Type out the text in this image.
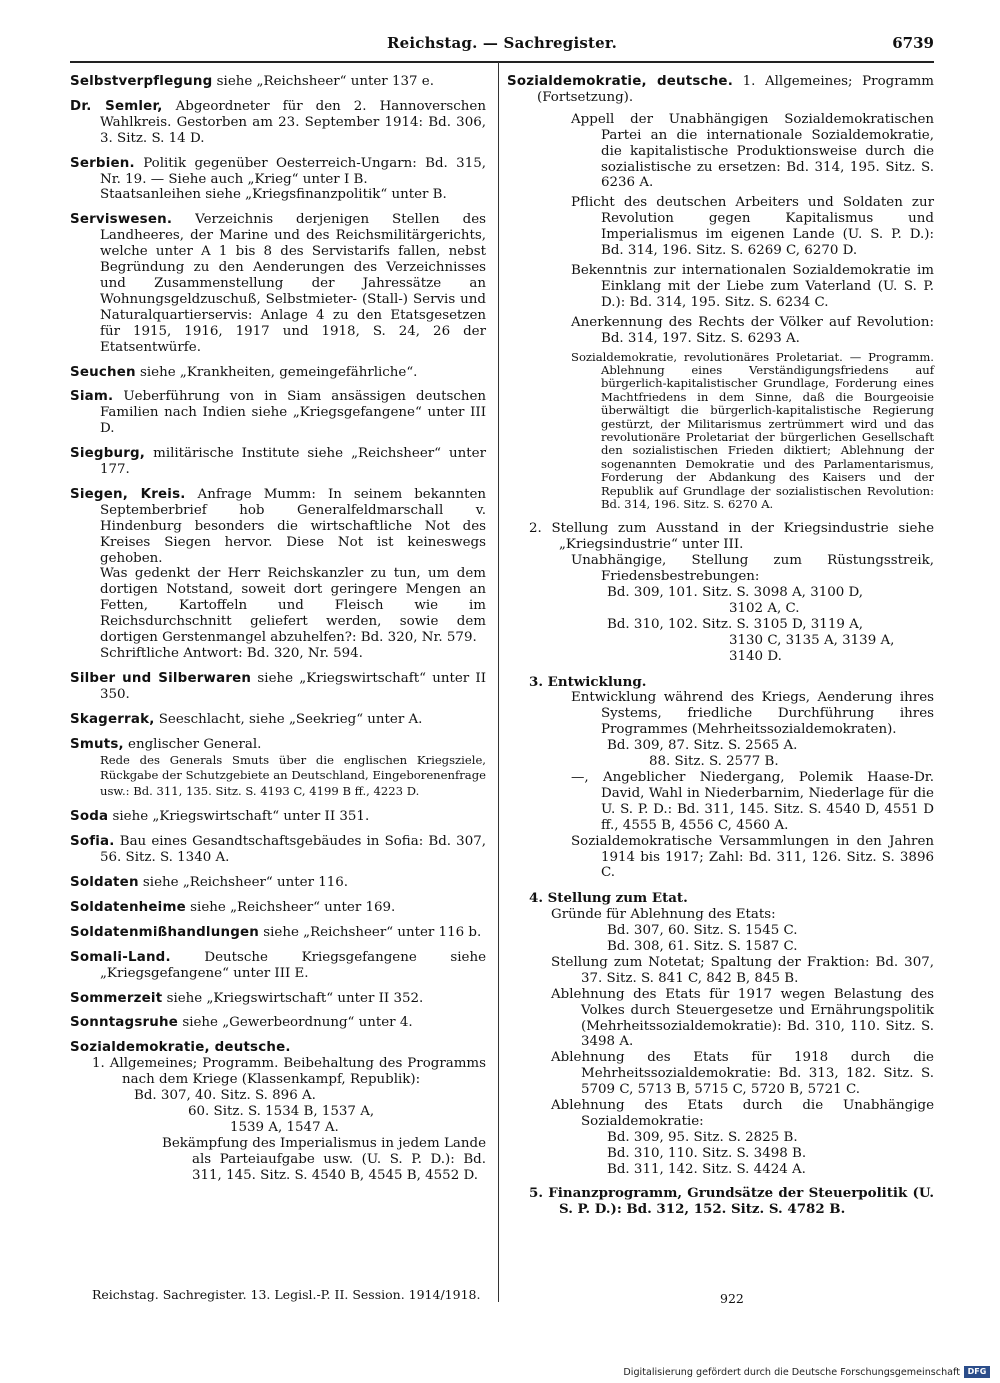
Reichstag. — Sachregister.	6739
Selbstverpflegung siehe „Reichsheer“ unter 137 e.
Dr. Semler, Abgeordneter für den 2. Hannoverschen Wahlkreis. Gestorben am 23. September 1914: Bd. 306, 3. Sitz. S. 14 D.
Serbien. Politik gegenüber Oesterreich-Ungarn: Bd. 315, Nr. 19. — Siehe auch „Krieg“ unter I B.
Staatsanleihen siehe „Kriegsfinanzpolitik“ unter B.
Serviswesen. Verzeichnis derjenigen Stellen des Landheeres, der Marine und des Reichsmilitärgerichts, welche unter A 1 bis 8 des Servistarifs fallen, nebst Begründung zu den Aenderungen des Verzeichnisses und Zusammenstellung der Jahressätze an Wohnungsgeldzuschuß, Selbstmieter- (Stall-) Servis und Naturalquartierservis: Anlage 4 zu den Etatsgesetzen für 1915, 1916, 1917 und 1918, S. 24, 26 der Etatsentwürfe.
Seuchen siehe „Krankheiten, gemeingefährliche“.
Siam. Ueberführung von in Siam ansässigen deutschen Familien nach Indien siehe „Kriegsgefangene“ unter III D.
Siegburg, militärische Institute siehe „Reichsheer“ unter 177.
Siegen, Kreis. Anfrage Mumm: In seinem bekannten Septemberbrief hob Generalfeldmarschall v. Hindenburg besonders die wirtschaftliche Not des Kreises Siegen hervor. Diese Not ist keineswegs gehoben.
Was gedenkt der Herr Reichskanzler zu tun, um dem dortigen Notstand, soweit dort geringere Mengen an Fetten, Kartoffeln und Fleisch wie im Reichsdurchschnitt geliefert werden, sowie dem dortigen Gerstenmangel abzuhelfen?: Bd. 320, Nr. 579.
Schriftliche Antwort: Bd. 320, Nr. 594.
Silber und Silberwaren siehe „Kriegswirtschaft“ unter II 350.
Skagerrak, Seeschlacht, siehe „Seekrieg“ unter A.
Smuts, englischer General.
Rede des Generals Smuts über die englischen Kriegsziele, Rückgabe der Schutzgebiete an Deutschland, Eingeborenenfrage usw.: Bd. 311, 135. Sitz. S. 4193 C, 4199 B ff., 4223 D.
Soda siehe „Kriegswirtschaft“ unter II 351.
Sofia. Bau eines Gesandtschaftsgebäudes in Sofia: Bd. 307, 56. Sitz. S. 1340 A.
Soldaten siehe „Reichsheer“ unter 116.
Soldatenheime siehe „Reichsheer“ unter 169.
Soldatenmißhandlungen siehe „Reichsheer“ unter 116 b.
Somali-Land. Deutsche Kriegsgefangene siehe „Kriegsgefangene“ unter III E.
Sommerzeit siehe „Kriegswirtschaft“ unter II 352.
Sonntagsruhe siehe „Gewerbeordnung“ unter 4.
Sozialdemokratie, deutsche.

1. Allgemeines; Programm. Beibehaltung des Programms nach dem Kriege (Klassenkampf, Republik):

Bd. 307, 40. Sitz. S. 896 A.

60. Sitz. S. 1534 B, 1537 A,

1539 A, 1547 A.

Bekämpfung des Imperialismus in jedem Lande als Parteiaufgabe usw. (U. S. P. D.): Bd. 311, 145. Sitz. S. 4540 B, 4545 B, 4552 D.

Sozialdemokratie, deutsche. 1. Allgemeines; Programm (Fortsetzung).

Appell der Unabhängigen Sozialdemokratischen Partei an die internationale Sozialdemokratie, die kapitalistische Produktionsweise durch die sozialistische zu ersetzen: Bd. 314, 195. Sitz. S. 6236 A.

Pflicht des deutschen Arbeiters und Soldaten zur Revolution gegen Kapitalismus und Imperialismus im eigenen Lande (U. S. P. D.): Bd. 314, 196. Sitz. S. 6269 C, 6270 D.

Bekenntnis zur internationalen Sozialdemokratie im Einklang mit der Liebe zum Vaterland (U. S. P. D.): Bd. 314, 195. Sitz. S. 6234 C.

Anerkennung des Rechts der Völker auf Revolution: Bd. 314, 197. Sitz. S. 6293 A.

Sozialdemokratie, revolutionäres Proletariat. — Programm. Ablehnung eines Verständigungsfriedens auf bürgerlich-kapitalistischer Grundlage, Forderung eines Machtfriedens in dem Sinne, daß die Bourgeoisie überwältigt die bürgerlich-kapitalistische Regierung gestürzt, der Militarismus zertrümmert wird und das revolutionäre Proletariat der bürgerlichen Gesellschaft den sozialistischen Frieden diktiert; Ablehnung der sogenannten Demokratie und des Parlamentarismus, Forderung der Abdankung des Kaisers und der Republik auf Grundlage der sozialistischen Revolution: Bd. 314, 196. Sitz. S. 6270 A.

2. Stellung zum Ausstand in der Kriegsindustrie siehe „Kriegsindustrie“ unter III.

Unabhängige, Stellung zum Rüstungsstreik, Friedensbestrebungen:

Bd. 309, 101. Sitz. S. 3098 A, 3100 D,

3102 A, C.

Bd. 310, 102. Sitz. S. 3105 D, 3119 A,

3130 C, 3135 A, 3139 A,

3140 D.

3. Entwicklung.

Entwicklung während des Kriegs, Aenderung ihres Systems, friedliche Durchführung ihres Programmes (Mehrheitssozialdemokraten).

Bd. 309, 87. Sitz. S. 2565 A.

88. Sitz. S. 2577 B.

—, Angeblicher Niedergang, Polemik Haase-Dr. David, Wahl in Niederbarnim, Niederlage für die U. S. P. D.: Bd. 311, 145. Sitz. S. 4540 D, 4551 D ff., 4555 B, 4556 C, 4560 A.

Sozialdemokratische Versammlungen in den Jahren 1914 bis 1917; Zahl: Bd. 311, 126. Sitz. S. 3896 C.

4. Stellung zum Etat.

Gründe für Ablehnung des Etats:

Bd. 307, 60. Sitz. S. 1545 C.

Bd. 308, 61. Sitz. S. 1587 C.

Stellung zum Notetat; Spaltung der Fraktion: Bd. 307, 37. Sitz. S. 841 C, 842 B, 845 B.

Ablehnung des Etats für 1917 wegen Belastung des Volkes durch Steuergesetze und Ernährungspolitik (Mehrheitssozialdemokratie): Bd. 310, 110. Sitz. S. 3498 A.

Ablehnung des Etats für 1918 durch die Mehrheitssozialdemokratie: Bd. 313, 182. Sitz. S. 5709 C, 5713 B, 5715 C, 5720 B, 5721 C.

Ablehnung des Etats durch die Unabhängige Sozialdemokratie:

Bd. 309, 95. Sitz. S. 2825 B.

Bd. 310, 110. Sitz. S. 3498 B.

Bd. 311, 142. Sitz. S. 4424 A.

5. Finanzprogramm, Grundsätze der Steuerpolitik (U. S. P. D.): Bd. 312, 152. Sitz. S. 4782 B.

Reichstag. Sachregister. 13. Legisl.-P. II. Session. 1914/1918.	922
Digitalisierung gefördert durch die Deutsche Forschungsgemeinschaft DFG
